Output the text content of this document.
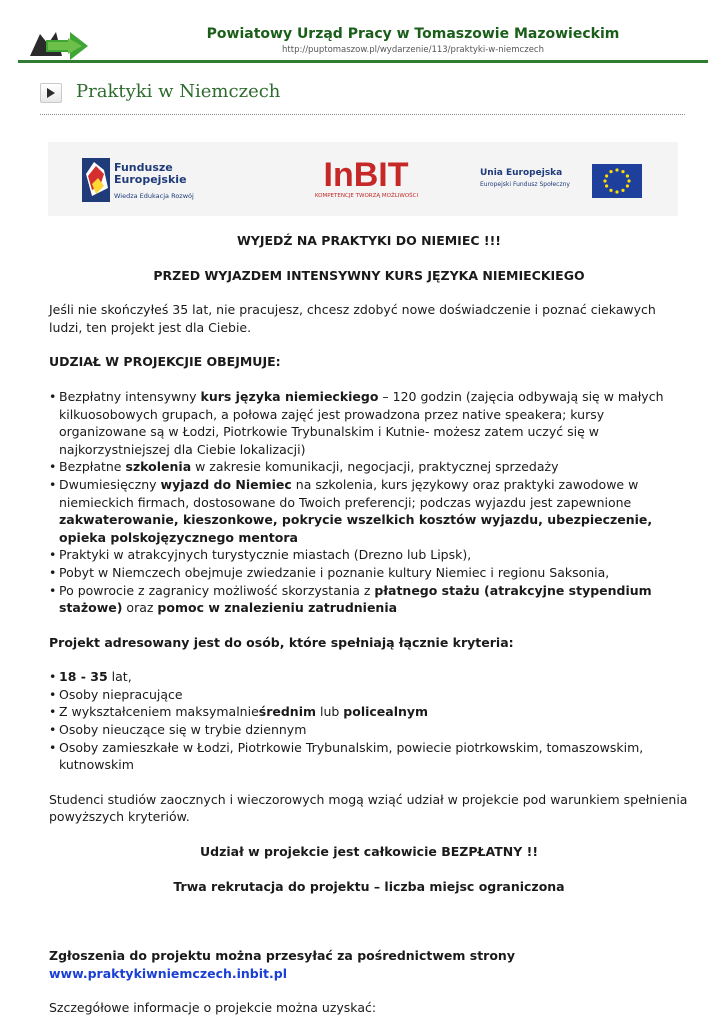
Powiatowy Urząd Pracy w Tomaszowie Mazowieckim
http://puptomaszow.pl/wydarzenie/113/praktyki-w-niemczech
Praktyki w Niemczech
Fundusze
Europejskie
Wiedza Edukacja Rozwój
InBIT
KOMPETENCJE TWORZĄ MOŻLIWOŚCI
Unia Europejska
Europejski Fundusz Społeczny

WYJEDŹ NA PRAKTYKI DO NIEMIEC !!!

PRZED WYJAZDEM INTENSYWNY KURS JĘZYKA NIEMIECKIEGO

Jeśli nie skończyłeś 35 lat, nie pracujesz, chcesz zdobyć nowe doświadczenie i poznać ciekawych ludzi, ten projekt jest dla Ciebie.

UDZIAŁ W PROJEKCJIE OBEJMUJE:

• Bezpłatny intensywny kurs języka niemieckiego – 120 godzin (zajęcia odbywają się w małych kilkuosobowych grupach, a połowa zajęć jest prowadzona przez native speakera; kursy organizowane są w Łodzi, Piotrkowie Trybunalskim i Kutnie- możesz zatem uczyć się w najkorzystniejszej dla Ciebie lokalizacji)
• Bezpłatne szkolenia w zakresie komunikacji, negocjacji, praktycznej sprzedaży
• Dwumiesięczny wyjazd do Niemiec na szkolenia, kurs językowy oraz praktyki zawodowe w niemieckich firmach, dostosowane do Twoich preferencji; podczas wyjazdu jest zapewnione zakwaterowanie, kieszonkowe, pokrycie wszelkich kosztów wyjazdu, ubezpieczenie, opieka polskojęzycznego mentora
• Praktyki w atrakcyjnych turystycznie miastach (Drezno lub Lipsk),
• Pobyt w Niemczech obejmuje zwiedzanie i poznanie kultury Niemiec i regionu Saksonia,
• Po powrocie z zagranicy możliwość skorzystania z płatnego stażu (atrakcyjne stypendium stażowe) oraz pomoc w znalezieniu zatrudnienia

Projekt adresowany jest do osób, które spełniają łącznie kryteria:

• 18 - 35 lat,
• Osoby niepracujące
• Z wykształceniem maksymalnieśrednim lub policealnym
• Osoby nieuczące się w trybie dziennym
• Osoby zamieszkałe w Łodzi, Piotrkowie Trybunalskim, powiecie piotrkowskim, tomaszowskim, kutnowskim

Studenci studiów zaocznych i wieczorowych mogą wziąć udział w projekcie pod warunkiem spełnienia powyższych kryteriów.

Udział w projekcie jest całkowicie BEZPŁATNY !!

Trwa rekrutacja do projektu – liczba miejsc ograniczona

Zgłoszenia do projektu można przesyłać za pośrednictwem strony

www.praktykiwniemczech.inbit.pl

Szczegółowe informacje o projekcie można uzyskać:
